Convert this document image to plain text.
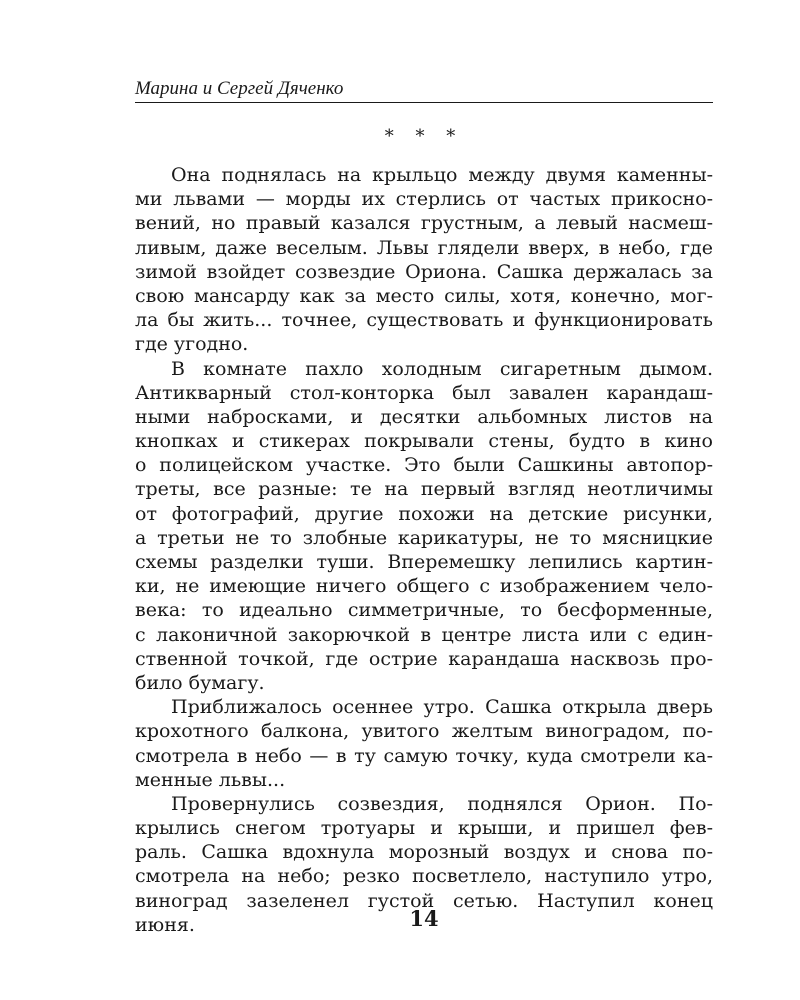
Марина и Сергей Дяченко
* * *
Она поднялась на крыльцо между двумя каменны-
ми львами — морды их стерлись от частых прикосно-
вений, но правый казался грустным, а левый насмеш-
ливым, даже веселым. Львы глядели вверх, в небо, где
зимой взойдет созвездие Ориона. Сашка держалась за
свою мансарду как за место силы, хотя, конечно, мог-
ла бы жить... точнее, существовать и функционировать
где угодно.
В комнате пахло холодным сигаретным дымом.
Антикварный стол-конторка был завален карандаш-
ными набросками, и десятки альбомных листов на
кнопках и стикерах покрывали стены, будто в кино
о полицейском участке. Это были Сашкины автопор-
треты, все разные: те на первый взгляд неотличимы
от фотографий, другие похожи на детские рисунки,
а третьи не то злобные карикатуры, не то мясницкие
схемы разделки туши. Вперемешку лепились картин-
ки, не имеющие ничего общего с изображением чело-
века: то идеально симметричные, то бесформенные,
с лаконичной закорючкой в центре листа или с един-
ственной точкой, где острие карандаша насквозь про-
било бумагу.
Приближалось осеннее утро. Сашка открыла дверь
крохотного балкона, увитого желтым виноградом, по-
смотрела в небо — в ту самую точку, куда смотрели ка-
менные львы...
Провернулись созвездия, поднялся Орион. По-
крылись снегом тротуары и крыши, и пришел фев-
раль. Сашка вдохнула морозный воздух и снова по-
смотрела на небо; резко посветлело, наступило утро,
виноград зазеленел густой сетью. Наступил конец
июня.	14
